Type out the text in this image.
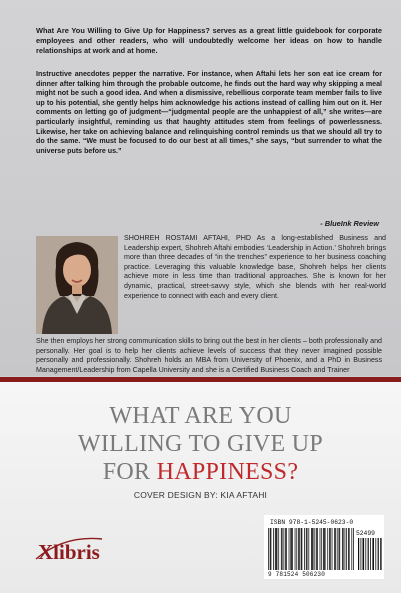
What Are You Willing to Give Up for Happiness? serves as a great little guidebook for corporate employees and other readers, who will undoubtedly welcome her ideas on how to handle relationships at work and at home.
Instructive anecdotes pepper the narrative. For instance, when Aftahi lets her son eat ice cream for dinner after talking him through the probable outcome, he finds out the hard way why skipping a meal might not be such a good idea. And when a dismissive, rebellious corporate team member fails to live up to his potential, she gently helps him acknowledge his actions instead of calling him out on it. Her comments on letting go of judgment—“judgmental people are the unhappiest of all,” she writes—are particularly insightful, reminding us that haughty attitudes stem from feelings of powerlessness. Likewise, her take on achieving balance and relinquishing control reminds us that we should all try to do the same. “We must be focused to do our best at all times,” she says, “but surrender to what the universe puts before us.”
- BlueInk Review
SHOHREH ROSTAMI AFTAHI, PHD As a long-established Business and Leadership expert, Shohreh Aftahi embodies ‘Leadership in Action.’ Shohreh brings more than three decades of “in the trenches” experience to her business coaching practice. Leveraging this valuable knowledge base, Shohreh helps her clients achieve more in less time than traditional approaches. She is known for her dynamic, practical, street-savvy style, which she blends with her real-world experience to connect with each and every client.
She then employs her strong communication skills to bring out the best in her clients – both professionally and personally. Her goal is to help her clients achieve levels of success that they never imagined possible personally and professionally. Shohreh holds an MBA from University of Phoenix, and a PhD in Business Management/Leadership from Capella University and she is a Certified Business Coach and Trainer
WHAT ARE YOU
WILLING TO GIVE UP
FOR HAPPINESS?
COVER DESIGN BY: KIA AFTAHI
ISBN 978-1-5245-0623-0
52499
9 781524 506230
Xlibris
